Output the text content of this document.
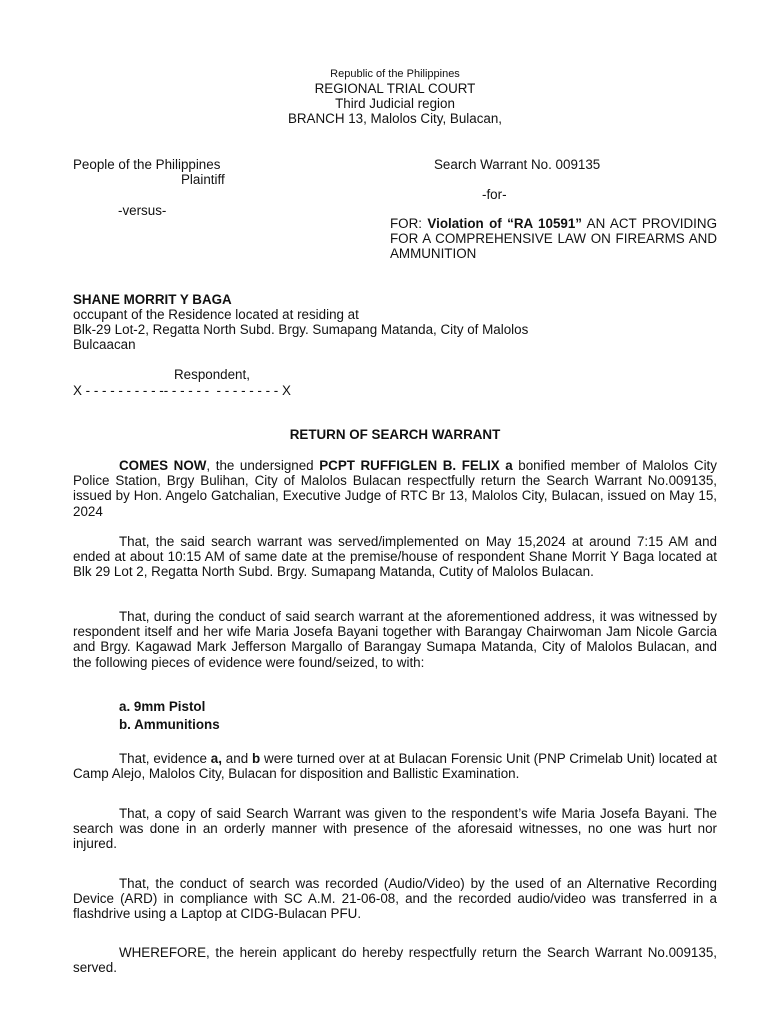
Republic of the Philippines
REGIONAL TRIAL COURT
Third Judicial region
BRANCH 13, Malolos City, Bulacan,
People of the Philippines
Plaintiff
-versus-
Search Warrant No. 009135
-for-
FOR: Violation of “RA 10591” AN ACT PROVIDING FOR A COMPREHENSIVE LAW ON FIREARMS AND AMMUNITION
SHANE MORRIT Y BAGA
occupant of the Residence located at residing at
Blk-29 Lot-2, Regatta North Subd. Brgy. Sumapang Matanda, City of Malolos
Bulcaacan
Respondent,
X - - - - - - - - - -- - - - - -  - - - - - - - - X
RETURN OF SEARCH WARRANT
COMES NOW, the undersigned PCPT RUFFIGLEN B. FELIX a bonified member of Malolos City Police Station, Brgy Bulihan, City of Malolos Bulacan respectfully return the Search Warrant No.009135, issued by Hon. Angelo Gatchalian, Executive Judge of RTC Br 13, Malolos City, Bulacan, issued on May 15, 2024
That, the said search warrant was served/implemented on May 15,2024 at around 7:15 AM and ended at about 10:15 AM of same date at the premise/house of respondent Shane Morrit Y Baga located at Blk 29 Lot 2, Regatta North Subd. Brgy. Sumapang Matanda, Cutity of Malolos Bulacan.
That, during the conduct of said search warrant at the aforementioned address, it was witnessed by respondent itself and her wife Maria Josefa Bayani together with Barangay Chairwoman Jam Nicole Garcia and Brgy. Kagawad Mark Jefferson Margallo of Barangay Sumapa Matanda, City of Malolos Bulacan, and the following pieces of evidence were found/seized, to with:
a. 9mm Pistol
b. Ammunitions
That, evidence a, and b were turned over at at Bulacan Forensic Unit (PNP Crimelab Unit) located at Camp Alejo, Malolos City, Bulacan for disposition and Ballistic Examination.
That, a copy of said Search Warrant was given to the respondent’s wife Maria Josefa Bayani. The search was done in an orderly manner with presence of the aforesaid witnesses, no one was hurt nor injured.
That, the conduct of search was recorded (Audio/Video) by the used of an Alternative Recording Device (ARD) in compliance with SC A.M. 21-06-08, and the recorded audio/video was transferred in a flashdrive using a Laptop at CIDG-Bulacan PFU.
WHEREFORE, the herein applicant do hereby respectfully return the Search Warrant No.009135, served.
